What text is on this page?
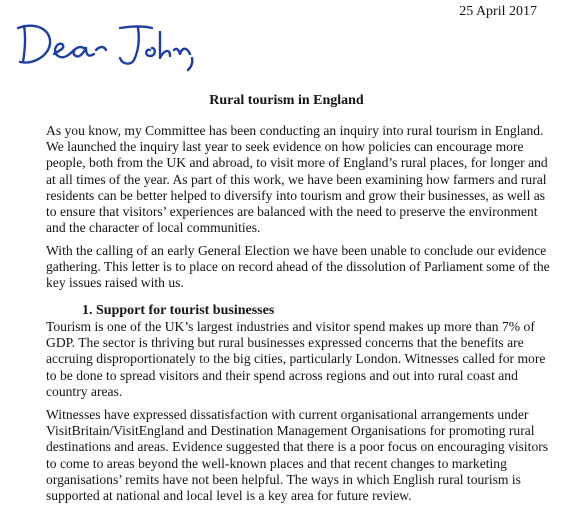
25 April 2017
Rural tourism in England

As you know, my Committee has been conducting an inquiry into rural tourism in England. We launched the inquiry last year to seek evidence on how policies can encourage more people, both from the UK and abroad, to visit more of England’s rural places, for longer and at all times of the year. As part of this work, we have been examining how farmers and rural residents can be better helped to diversify into tourism and grow their businesses, as well as to ensure that visitors’ experiences are balanced with the need to preserve the environment and the character of local communities.

With the calling of an early General Election we have been unable to conclude our evidence gathering. This letter is to place on record ahead of the dissolution of Parliament some of the key issues raised with us.

1. Support for tourist businesses

Tourism is one of the UK’s largest industries and visitor spend makes up more than 7% of GDP. The sector is thriving but rural businesses expressed concerns that the benefits are accruing disproportionately to the big cities, particularly London. Witnesses called for more to be done to spread visitors and their spend across regions and out into rural coast and country areas.

Witnesses have expressed dissatisfaction with current organisational arrangements under VisitBritain/VisitEngland and Destination Management Organisations for promoting rural destinations and areas. Evidence suggested that there is a poor focus on encouraging visitors to come to areas beyond the well-known places and that recent changes to marketing organisations’ remits have not been helpful. The ways in which English rural tourism is supported at national and local level is a key area for future review.
